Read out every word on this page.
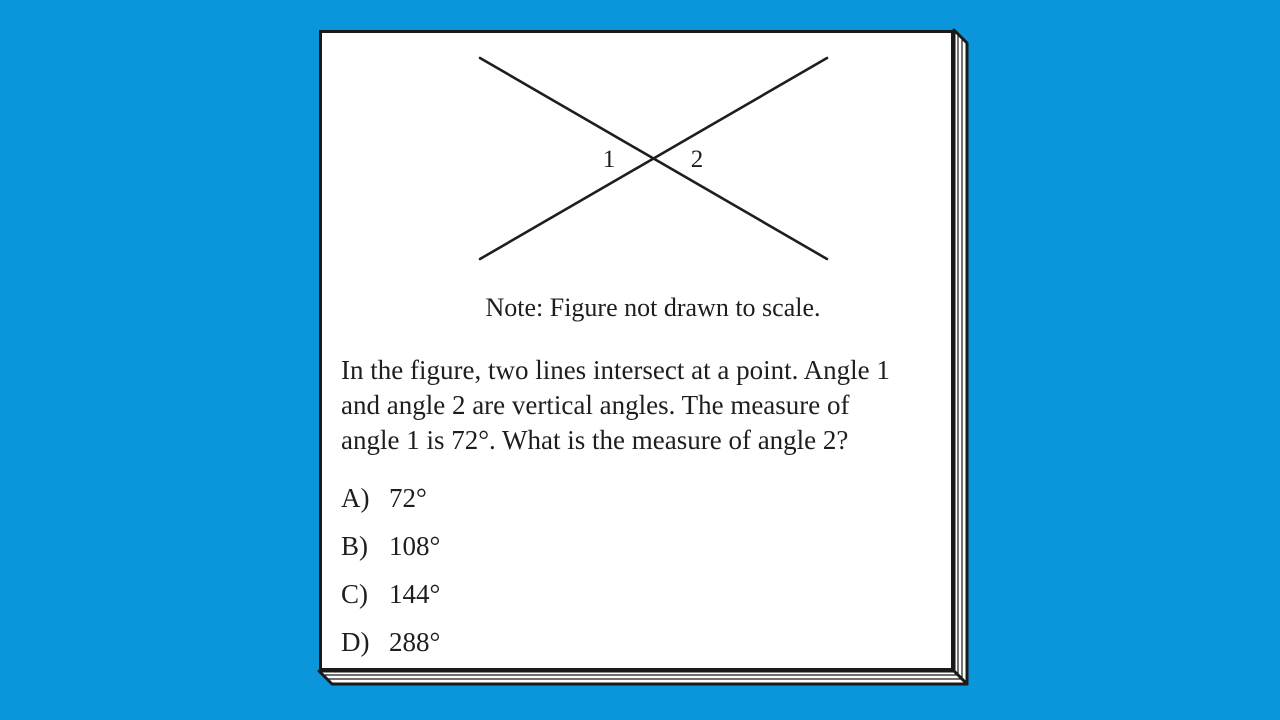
1	2
Note: Figure not drawn to scale.
In the figure, two lines intersect at a point. Angle 1
and angle 2 are vertical angles. The measure of
angle 1 is 72°. What is the measure of angle 2?
A) 72°
B) 108°
C) 144°
D) 288°
